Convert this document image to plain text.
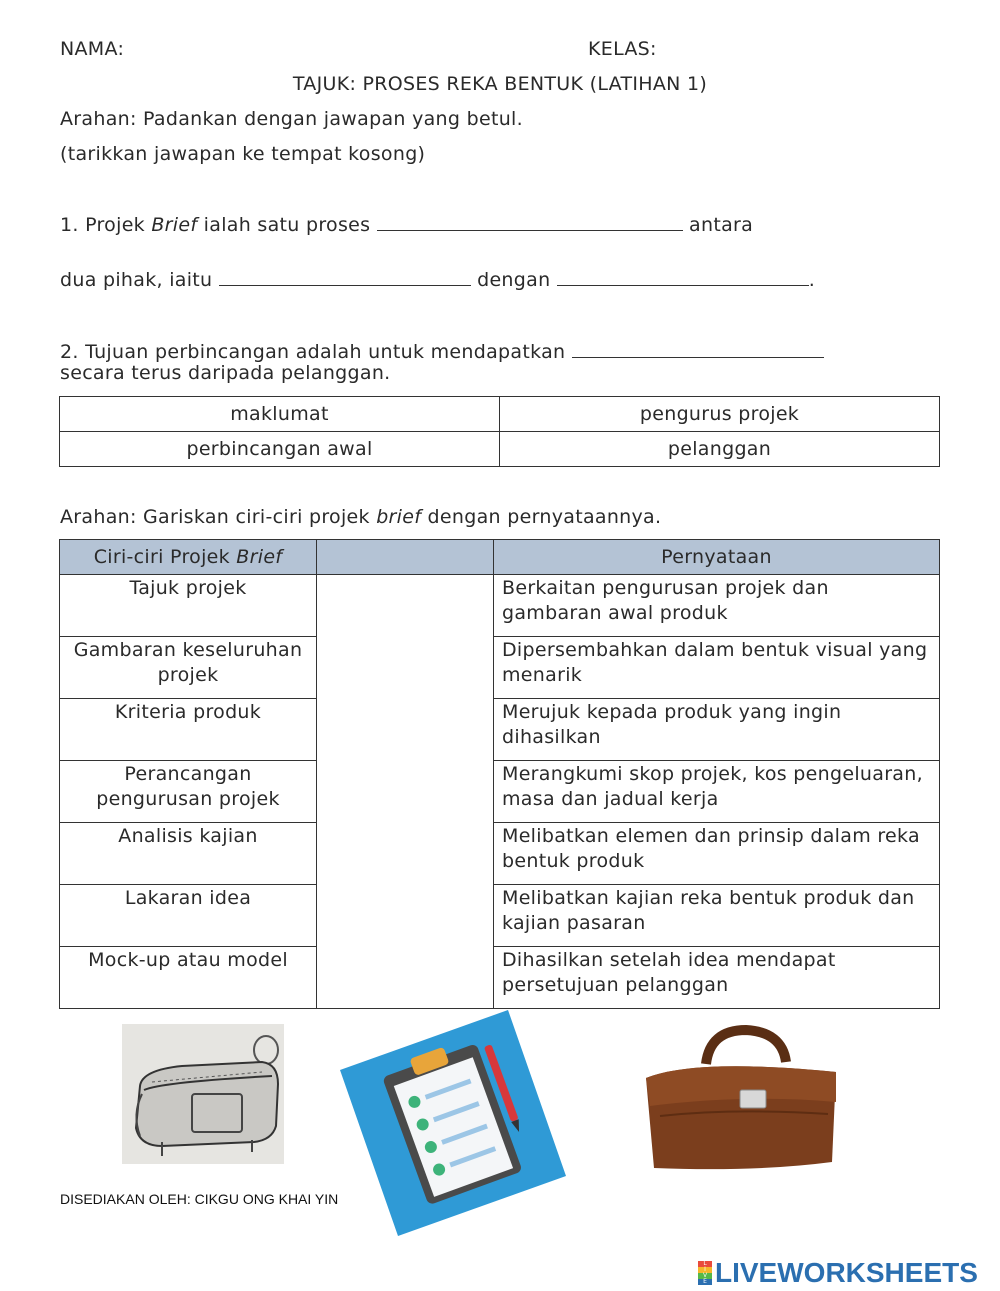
NAMA:	KELAS:
TAJUK: PROSES REKA BENTUK (LATIHAN 1)
Arahan: Padankan dengan jawapan yang betul.
(tarikkan jawapan ke tempat kosong)
1. Projek Brief ialah satu proses	antara
dua pihak, iaitu	dengan	.
2. Tujuan perbincangan adalah untuk mendapatkan
secara terus daripada pelanggan.
maklumat	pengurus projek
perbincangan awal	pelanggan
Arahan: Gariskan ciri-ciri projek brief dengan pernyataannya.
Ciri-ciri Projek Brief		Pernyataan
Tajuk projek		Berkaitan pengurusan projek dan gambaran awal produk
Gambaran keseluruhan projek		Dipersembahkan dalam bentuk visual yang menarik
Kriteria produk		Merujuk kepada produk yang ingin dihasilkan
Perancangan pengurusan projek		Merangkumi skop projek, kos pengeluaran, masa dan jadual kerja
Analisis kajian		Melibatkan elemen dan prinsip dalam reka bentuk produk
Lakaran idea		Melibatkan kajian reka bentuk produk dan kajian pasaran
Mock-up atau model		Dihasilkan setelah idea mendapat persetujuan pelanggan
DISEDIAKAN OLEH: CIKGU ONG KHAI YIN
L
I
V
E LIVEWORKSHEETS
